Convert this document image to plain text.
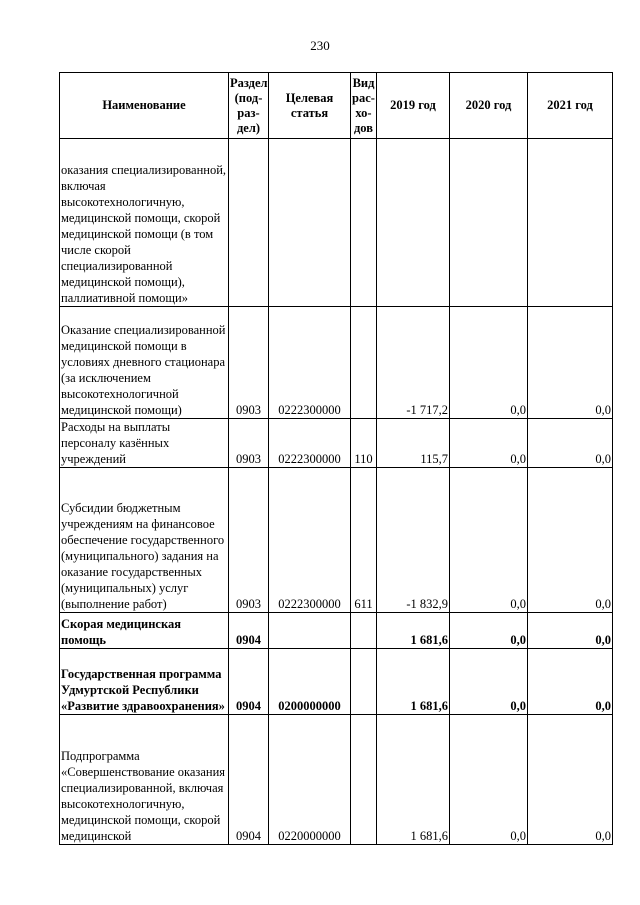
230
Наименование	Раздел (под-раз-дел)	Целевая статья	Вид рас-хо-дов	2019 год	2020 год	2021 год
оказания специализированной, включая высокотехнологичную, медицинской помощи, скорой медицинской помощи (в том числе скорой специализированной медицинской помощи), паллиативной помощи»						
Оказание специализированной медицинской помощи в условиях дневного стационара (за исключением высокотехнологичной медицинской помощи)	0903	0222300000		-1 717,2	0,0	0,0
Расходы на выплаты персоналу казённых учреждений	0903	0222300000	110	115,7	0,0	0,0
Субсидии бюджетным учреждениям на финансовое обеспечение государственного (муниципального) задания на оказание государственных (муниципальных) услуг (выполнение работ)	0903	0222300000	611	-1 832,9	0,0	0,0
Скорая медицинская помощь	0904			1 681,6	0,0	0,0
Государственная программа Удмуртской Республики «Развитие здравоохранения»	0904	0200000000		1 681,6	0,0	0,0
Подпрограмма «Совершенствование оказания специализированной, включая высокотехнологичную, медицинской помощи, скорой медицинской	0904	0220000000		1 681,6	0,0	0,0
